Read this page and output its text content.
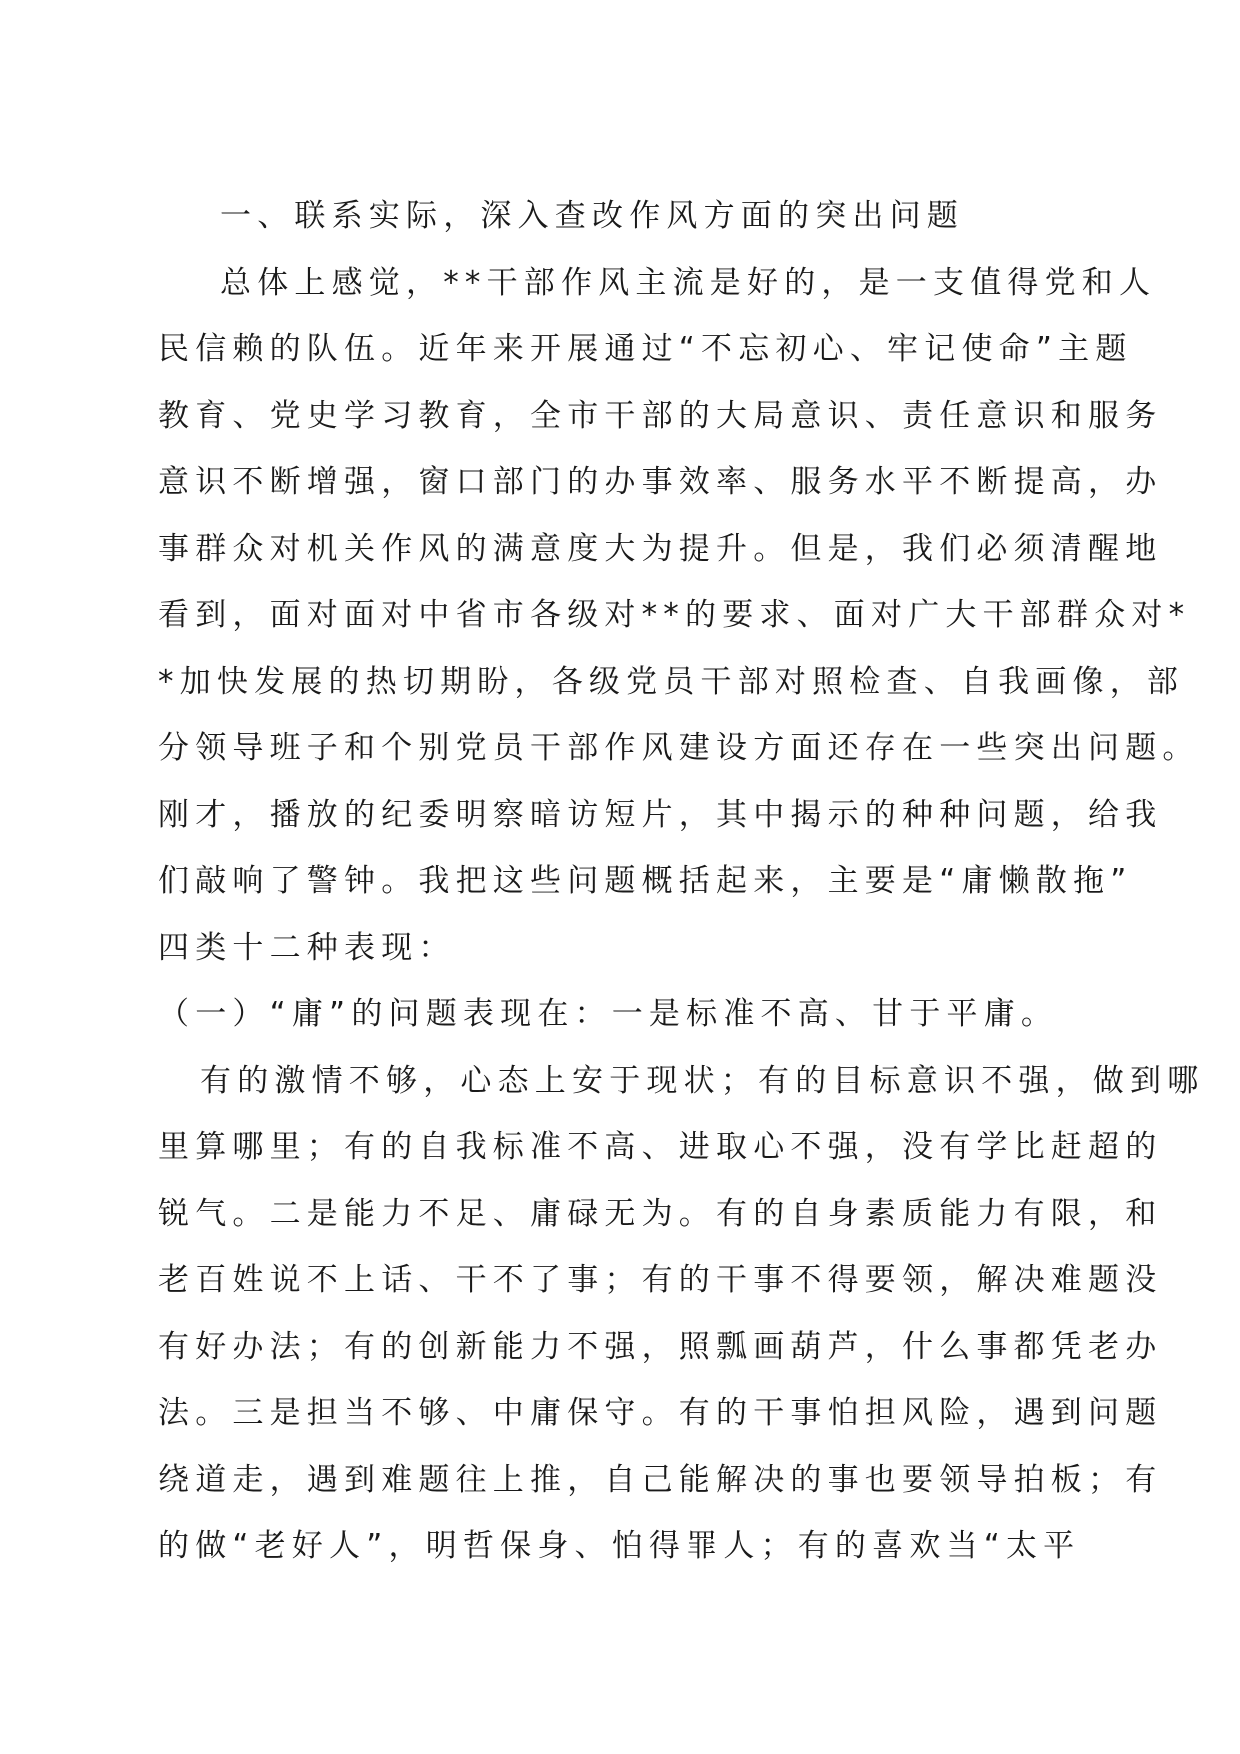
一、联系实际，深入查改作风方面的突出问题
总体上感觉，**干部作风主流是好的，是一支值得党和人
民信赖的队伍。近年来开展通过“不忘初心、牢记使命”主题
教育、党史学习教育，全市干部的大局意识、责任意识和服务
意识不断增强，窗口部门的办事效率、服务水平不断提高，办
事群众对机关作风的满意度大为提升。但是，我们必须清醒地
看到，面对面对中省市各级对**的要求、面对广大干部群众对*
*加快发展的热切期盼，各级党员干部对照检查、自我画像，部
分领导班子和个别党员干部作风建设方面还存在一些突出问题。
刚才，播放的纪委明察暗访短片，其中揭示的种种问题，给我
们敲响了警钟。我把这些问题概括起来，主要是“庸懒散拖”
四类十二种表现：
（一）“庸”的问题表现在：一是标准不高、甘于平庸。
有的激情不够，心态上安于现状；有的目标意识不强，做到哪
里算哪里；有的自我标准不高、进取心不强，没有学比赶超的
锐气。二是能力不足、庸碌无为。有的自身素质能力有限，和
老百姓说不上话、干不了事；有的干事不得要领，解决难题没
有好办法；有的创新能力不强，照瓢画葫芦，什么事都凭老办
法。三是担当不够、中庸保守。有的干事怕担风险，遇到问题
绕道走，遇到难题往上推，自己能解决的事也要领导拍板；有
的做“老好人”，明哲保身、怕得罪人；有的喜欢当“太平
